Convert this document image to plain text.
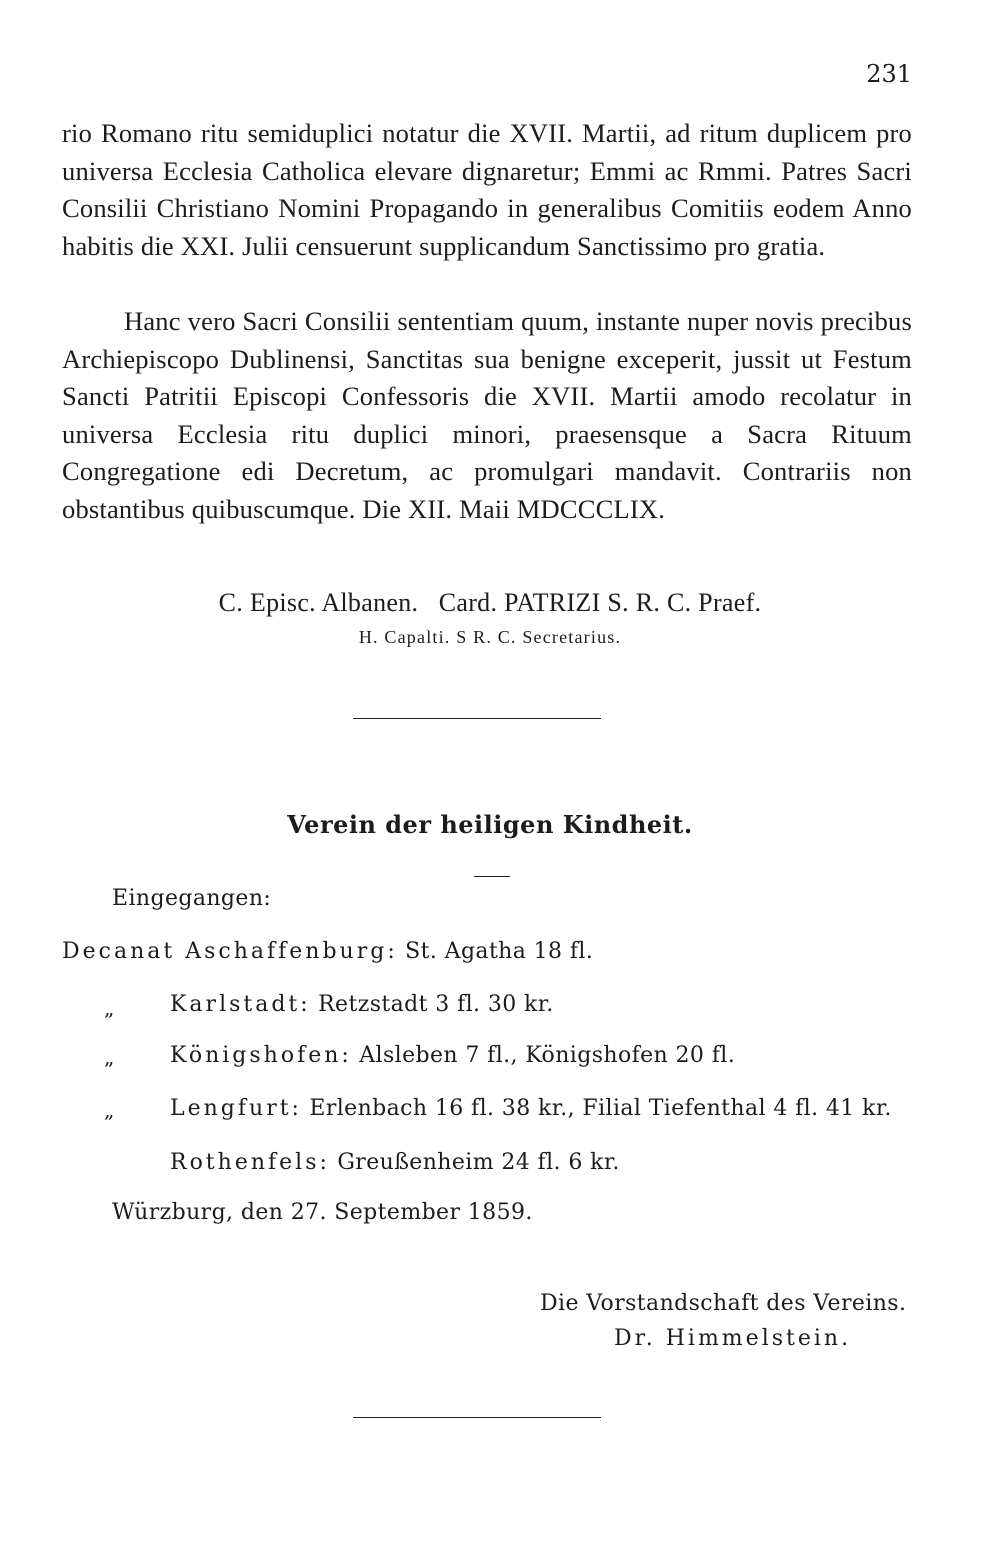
231

rio Romano ritu semiduplici notatur die XVII. Martii, ad ritum duplicem pro universa Ecclesia Catholica elevare dignaretur; Emmi ac Rmmi. Patres Sacri Consilii Christiano Nomini Propagando in generalibus Comitiis eodem Anno habitis die XXI. Julii censuerunt supplicandum Sanctissimo pro gratia.

Hanc vero Sacri Consilii sententiam quum, instante nuper novis precibus Archiepiscopo Dublinensi, Sanctitas sua benigne exceperit, jussit ut Festum Sancti Patritii Episcopi Confessoris die XVII. Martii amodo recolatur in universa Ecclesia ritu duplici minori, praesensque a Sacra Rituum Congregatione edi Decretum, ac promulgari mandavit. Contrariis non obstantibus quibuscumque. Die XII. Maii MDCCCLIX.

C. Episc. Albanen.   Card. PATRIZI S. R. C. Praef.
H. Capalti. S R. C. Secretarius.
Verein der heiligen Kindheit.
Eingegangen:
Decanat Aschaffenburg: St. Agatha 18 fl.
„	Karlstadt: Retzstadt 3 fl. 30 kr.
„	Königshofen: Alsleben 7 fl., Königshofen 20 fl.
„	Lengfurt: Erlenbach 16 fl. 38 kr., Filial Tiefenthal 4 fl. 41 kr.
Rothenfels: Greußenheim 24 fl. 6 kr.
Würzburg, den 27. September 1859.
Die Vorstandschaft des Vereins.
Dr. Himmelstein.
